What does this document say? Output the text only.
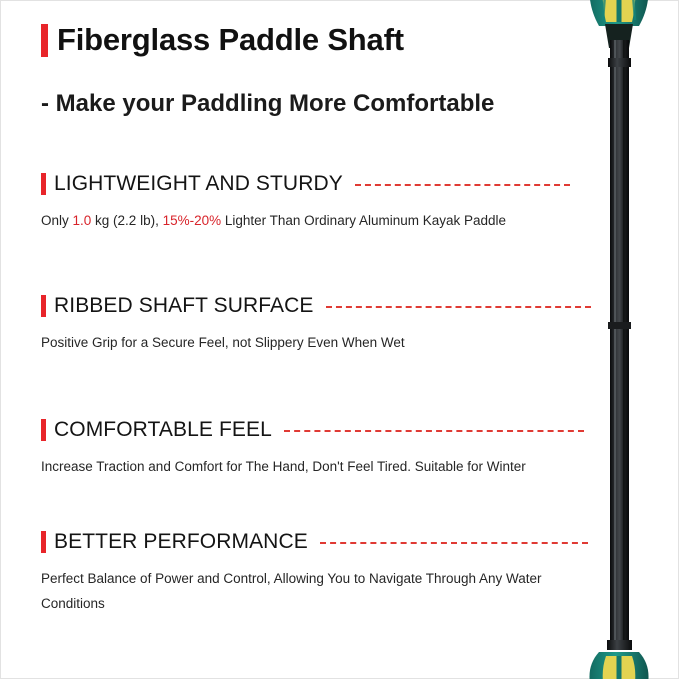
Fiberglass Paddle Shaft
- Make your Paddling More Comfortable
LIGHTWEIGHT AND STURDY
Only 1.0 kg (2.2 lb), 15%-20% Lighter Than Ordinary Aluminum Kayak Paddle
RIBBED SHAFT SURFACE
Positive Grip for a Secure Feel, not Slippery Even When Wet
COMFORTABLE FEEL
Increase Traction and Comfort for The Hand, Don't Feel Tired. Suitable for Winter
BETTER PERFORMANCE
Perfect Balance of Power and Control, Allowing You to Navigate Through Any Water Conditions
